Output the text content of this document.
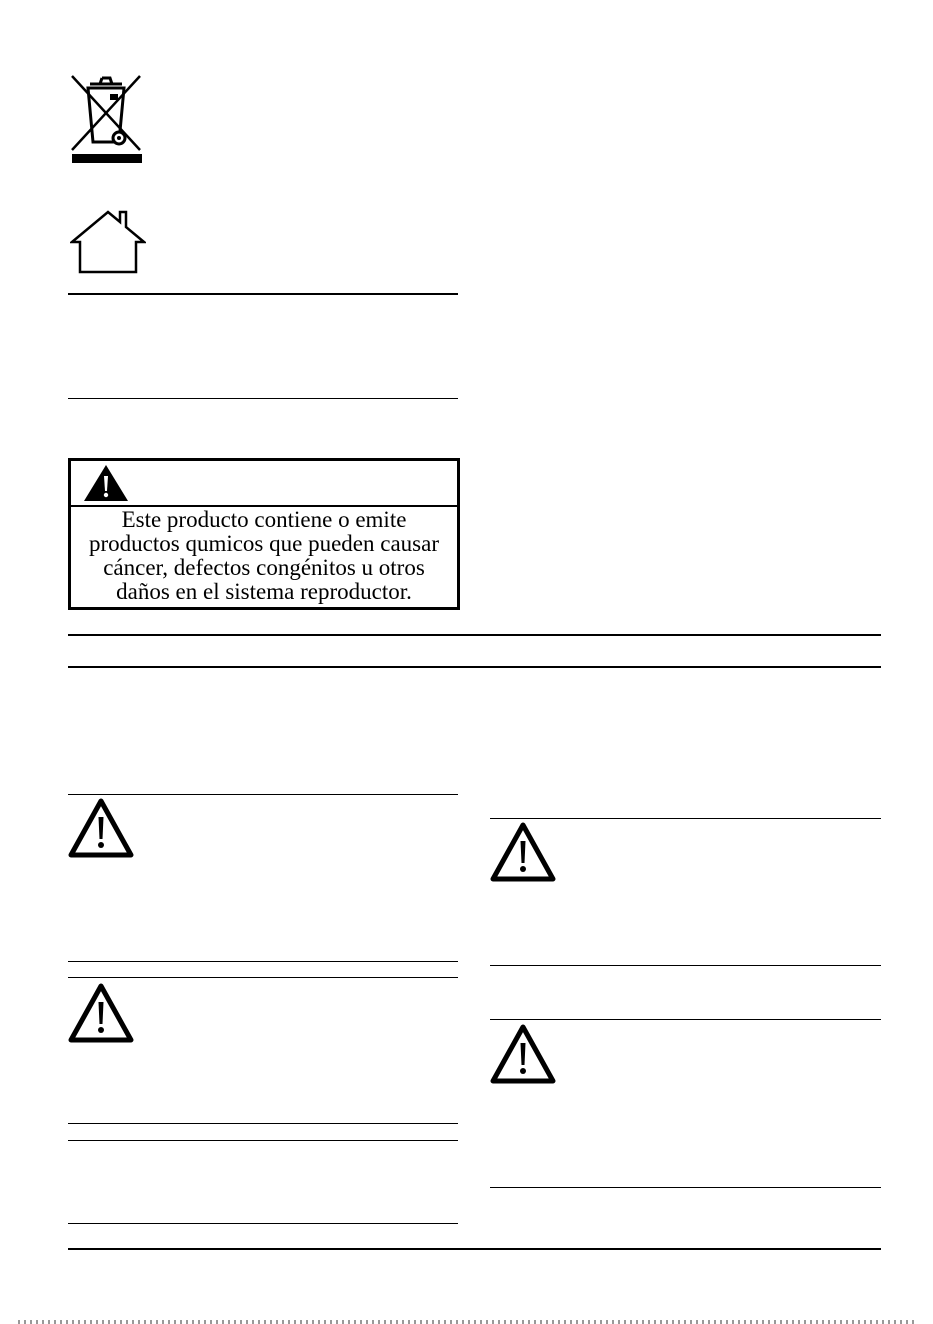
Este producto contiene o emite
productos qumicos que pueden causar
cáncer, defectos congénitos u otros
daños en el sistema reproductor.
